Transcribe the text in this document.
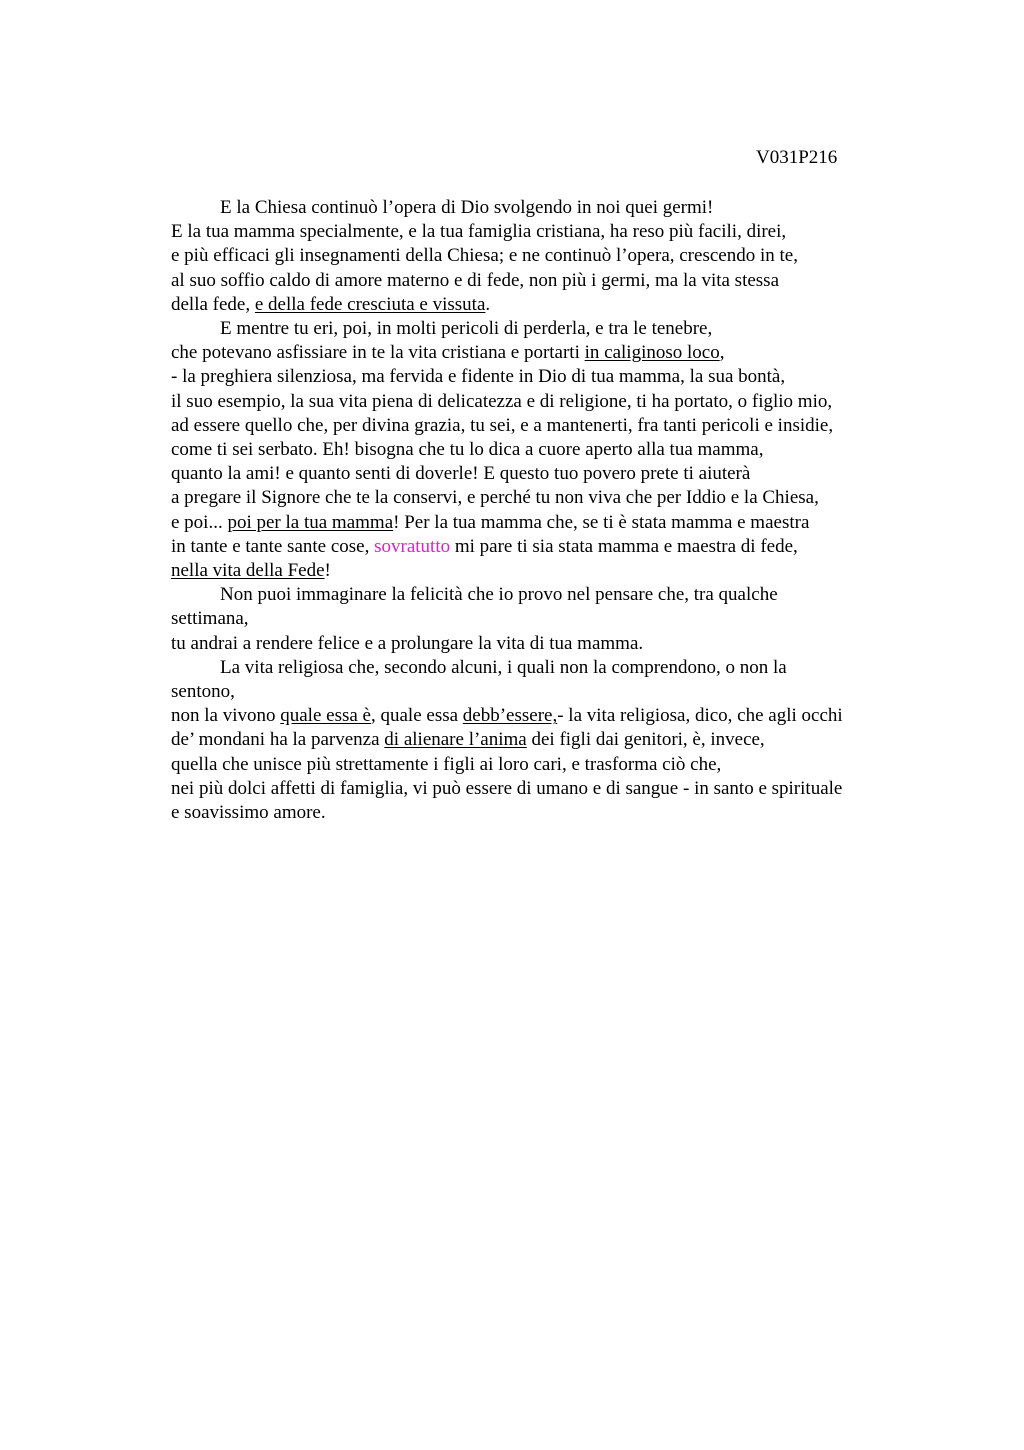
V031P216
E la Chiesa continuò l’opera di Dio svolgendo in noi quei germi!
E la tua mamma specialmente, e la tua famiglia cristiana, ha reso più facili, direi,
e più efficaci gli insegnamenti della Chiesa; e ne continuò l’opera, crescendo in te,
al suo soffio caldo di amore materno e di fede, non più i germi, ma la vita stessa
della fede, e della fede cresciuta e vissuta.
E mentre tu eri, poi, in molti pericoli di perderla, e tra le tenebre,
che potevano asfissiare in te la vita cristiana e portarti in caliginoso loco,
- la preghiera silenziosa, ma fervida e fidente in Dio di tua mamma, la sua bontà,
il suo esempio, la sua vita piena di delicatezza e di religione, ti ha portato, o figlio mio,
ad essere quello che, per divina grazia, tu sei, e a mantenerti, fra tanti pericoli e insidie,
come ti sei serbato. Eh! bisogna che tu lo dica a cuore aperto alla tua mamma,
quanto la ami! e quanto senti di doverle! E questo tuo povero prete ti aiuterà
a pregare il Signore che te la conservi, e perché tu non viva che per Iddio e la Chiesa,
e poi... poi per la tua mamma! Per la tua mamma che, se ti è stata mamma e maestra
in tante e tante sante cose, sovratutto mi pare ti sia stata mamma e maestra di fede,
nella vita della Fede!
Non puoi immaginare la felicità che io provo nel pensare che, tra qualche
settimana,
tu andrai a rendere felice e a prolungare la vita di tua mamma.
La vita religiosa che, secondo alcuni, i quali non la comprendono, o non la
sentono,
non la vivono quale essa è, quale essa debb’essere,- la vita religiosa, dico, che agli occhi
de’ mondani ha la parvenza di alienare l’anima dei figli dai genitori, è, invece,
quella che unisce più strettamente i figli ai loro cari, e trasforma ciò che,
nei più dolci affetti di famiglia, vi può essere di umano e di sangue - in santo e spirituale
e soavissimo amore.
